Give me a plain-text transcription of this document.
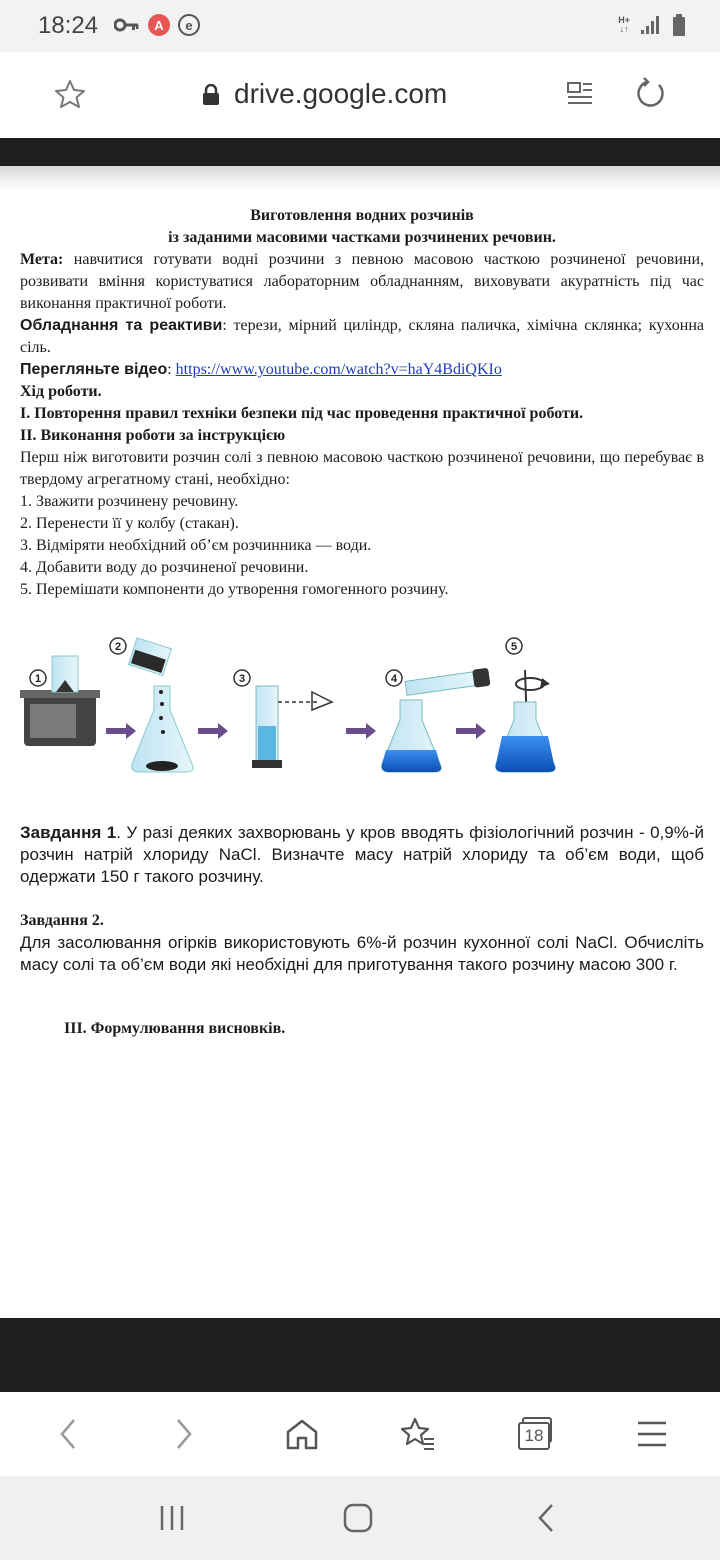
18:24	A	e	H+
↓↑
drive.google.com
Виготовлення водних розчинів
із заданими масовими частками розчинених речовин.

Мета: навчитися готувати водні розчини з певною масовою часткою розчиненої речовини, розвивати вміння користуватися лабораторним обладнанням, виховувати акуратність під час виконання практичної роботи.

Обладнання та реактиви: терези, мірний циліндр, скляна паличка, хімічна склянка; кухонна сіль.

Перегляньте відео: https://www.youtube.com/watch?v=haY4BdiQKIo

Хід роботи.
І. Повторення правил техніки безпеки під час проведення практичної роботи.
ІІ. Виконання роботи за інструкцією

Перш ніж виготовити розчин солі з певною масовою часткою розчиненої речовини, що перебуває в твердому агрегатному стані, необхідно:

1. Зважити розчинену речовину.
2. Перенести її у колбу (стакан).
3. Відміряти необхідний об’єм розчинника — води.
4. Добавити воду до розчиненої речовини.
5. Перемішати компоненти до утворення гомогенного розчину.
1
2
3	4
5
Завдання 1. У разі деяких захворювань у кров вводять фізіологічний розчин - 0,9%-й розчин натрій хлориду NaCl. Визначте масу натрій хлориду та об’єм води, щоб одержати 150 г такого розчину.
Завдання 2.
Для засолювання огірків використовують 6%-й розчин кухонної солі NaCl. Обчисліть масу солі та об’єм води які необхідні для приготування такого розчину масою 300 г.
ІІІ. Формулювання висновків.
18
